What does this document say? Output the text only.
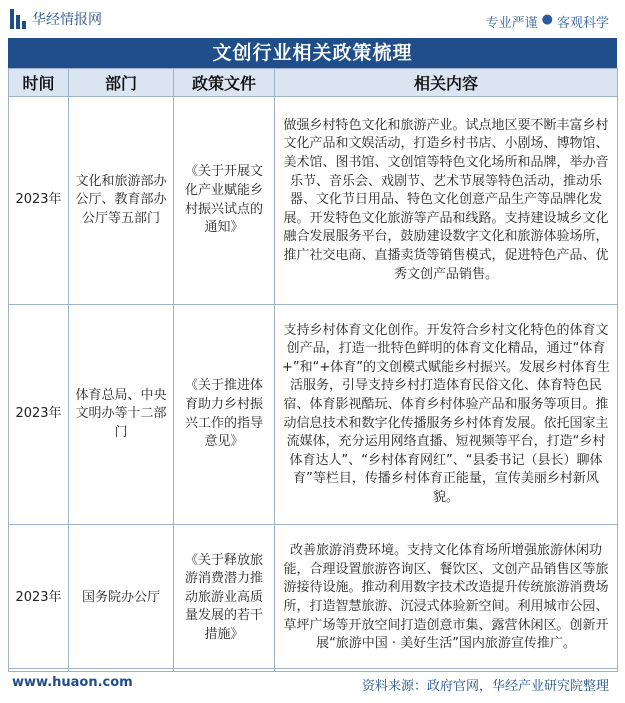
华经情报网	专业严谨 ● 客观科学
文创行业相关政策梳理
时间	部门	政策文件	相关内容
2023年	文化和旅游部办公厅、教育部办公厅等五部门	《关于开展文化产业赋能乡村振兴试点的通知》	做强乡村特色文化和旅游产业。试点地区要不断丰富乡村文化产品和文娱活动，打造乡村书店、小剧场、博物馆、美术馆、图书馆、文创馆等特色文化场所和品牌，举办音乐节、音乐会、戏剧节、艺术节展等特色活动，推动乐器、文化节日用品、特色文化创意产品生产等品牌化发展。开发特色文化旅游等产品和线路。支持建设城乡文化融合发展服务平台，鼓励建设数字文化和旅游体验场所，推广社交电商、直播卖货等销售模式，促进特色产品、优秀文创产品销售。
2023年	体育总局、中央文明办等十二部门	《关于推进体育助力乡村振兴工作的指导意见》	支持乡村体育文化创作。开发符合乡村文化特色的体育文创产品，打造一批特色鲜明的体育文化精品，通过“体育+”和“+体育”的文创模式赋能乡村振兴。发展乡村体育生活服务，引导支持乡村打造体育民俗文化、体育特色民宿、体育影视酷玩、体育乡村体验产品和服务等项目。推动信息技术和数字化传播服务乡村体育发展。依托国家主流媒体，充分运用网络直播、短视频等平台，打造“乡村体育达人”、“乡村体育网红”、“县委书记（县长）聊体育”等栏目，传播乡村体育正能量，宣传美丽乡村新风貌。
2023年	国务院办公厅	《关于释放旅游消费潜力推动旅游业高质量发展的若干措施》	改善旅游消费环境。支持文化体育场所增强旅游休闲功能，合理设置旅游咨询区、餐饮区、文创产品销售区等旅游接待设施。推动利用数字技术改造提升传统旅游消费场所，打造智慧旅游、沉浸式体验新空间。利用城市公园、草坪广场等开放空间打造创意市集、露营休闲区。创新开展“旅游中国 · 美好生活”国内旅游宣传推广。
www.huaon.com	资料来源：政府官网，华经产业研究院整理
